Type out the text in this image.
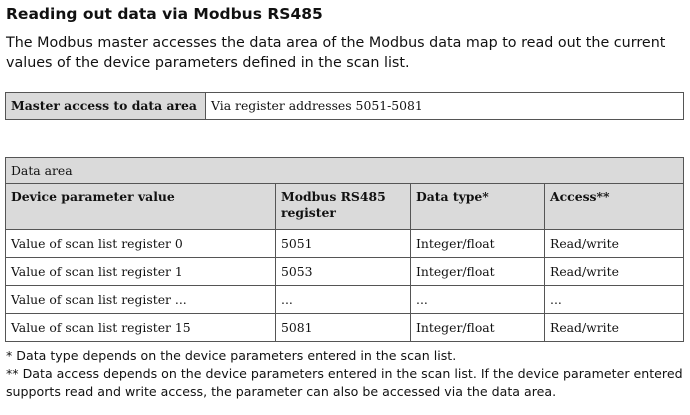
Reading out data via Modbus RS485
The Modbus master accesses the data area of the Modbus data map to read out the current values of the device parameters defined in the scan list.
Master access to data area	Via register addresses 5051-5081
Data area			
Device parameter value	Modbus RS485 register	Data type*	Access**
Value of scan list register 0	5051	Integer/float	Read/write
Value of scan list register 1	5053	Integer/float	Read/write
Value of scan list register ...	...	...	...
Value of scan list register 15	5081	Integer/float	Read/write

* Data type depends on the device parameters entered in the scan list.

** Data access depends on the device parameters entered in the scan list. If the device parameter entered supports read and write access, the parameter can also be accessed via the data area.
